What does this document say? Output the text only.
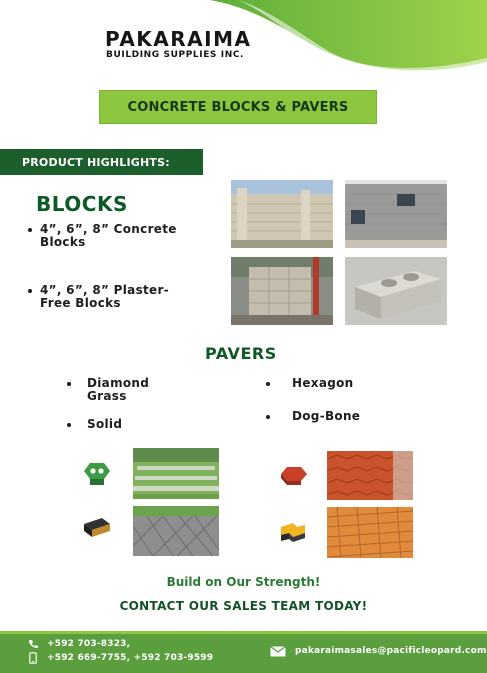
PAKARAIMA
BUILDING SUPPLIES INC.
CONCRETE BLOCKS & PAVERS
PRODUCT HIGHLIGHTS:
BLOCKS
4”, 6”, 8” Concrete
Blocks
4”, 6”, 8” Plaster-
Free Blocks
PAVERS
Diamond
Grass
Solid
Hexagon
Dog-Bone
Build on Our Strength!
CONTACT OUR SALES TEAM TODAY!
+592 703-8323,
+592 669-7755, +592 703-9599
pakaraimasales@pacificleopard.com
